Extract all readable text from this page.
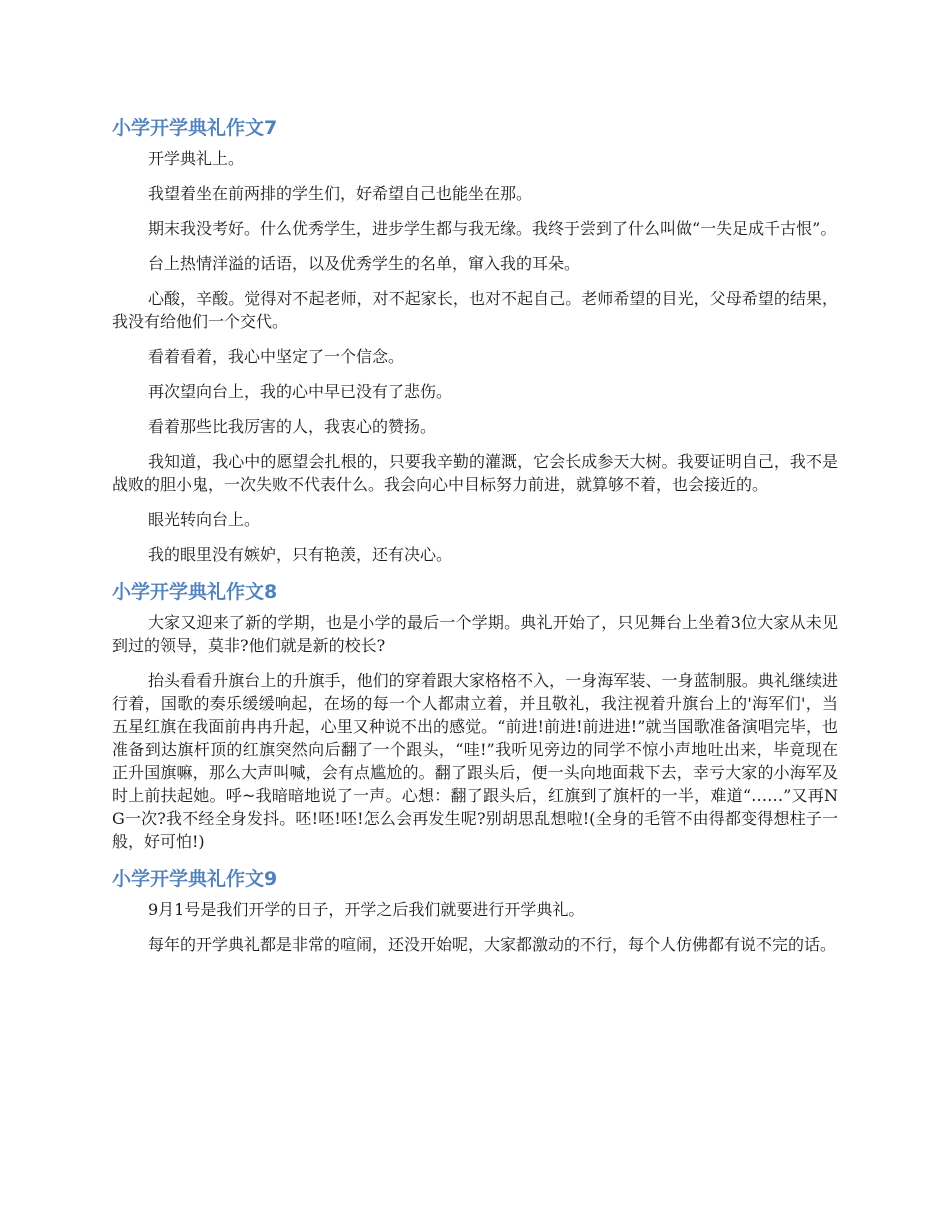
小学开学典礼作文7

开学典礼上。

我望着坐在前两排的学生们，好希望自己也能坐在那。

期末我没考好。什么优秀学生，进步学生都与我无缘。我终于尝到了什么叫做“一失足成千古恨”。

台上热情洋溢的话语，以及优秀学生的名单，窜入我的耳朵。

心酸，辛酸。觉得对不起老师，对不起家长，也对不起自己。老师希望的目光，父母希望的结果，我没有给他们一个交代。

看着看着，我心中坚定了一个信念。

再次望向台上，我的心中早已没有了悲伤。

看着那些比我厉害的人，我衷心的赞扬。

我知道，我心中的愿望会扎根的，只要我辛勤的灌溉，它会长成参天大树。我要证明自己，我不是战败的胆小鬼，一次失败不代表什么。我会向心中目标努力前进，就算够不着，也会接近的。

眼光转向台上。

我的眼里没有嫉妒，只有艳羡，还有决心。

小学开学典礼作文8

大家又迎来了新的学期，也是小学的最后一个学期。典礼开始了，只见舞台上坐着3位大家从未见到过的领导，莫非?他们就是新的校长?

抬头看看升旗台上的升旗手，他们的穿着跟大家格格不入，一身海军装、一身蓝制服。典礼继续进行着，国歌的奏乐缓缓响起，在场的每一个人都肃立着，并且敬礼，我注视着升旗台上的'海军们'，当五星红旗在我面前冉冉升起，心里又种说不出的感觉。“前进!前进!前进进!”就当国歌准备演唱完毕，也准备到达旗杆顶的红旗突然向后翻了一个跟头，“哇!”我听见旁边的同学不惊小声地吐出来，毕竟现在正升国旗嘛，那么大声叫喊，会有点尴尬的。翻了跟头后，便一头向地面栽下去，幸亏大家的小海军及时上前扶起她。呼~我暗暗地说了一声。心想：翻了跟头后，红旗到了旗杆的一半，难道“……”又再NG一次?我不经全身发抖。呸!呸!呸!怎么会再发生呢?别胡思乱想啦!(全身的毛管不由得都变得想柱子一般，好可怕!)

小学开学典礼作文9

9月1号是我们开学的日子，开学之后我们就要进行开学典礼。

每年的开学典礼都是非常的喧闹，还没开始呢，大家都激动的不行，每个人仿佛都有说不完的话。
